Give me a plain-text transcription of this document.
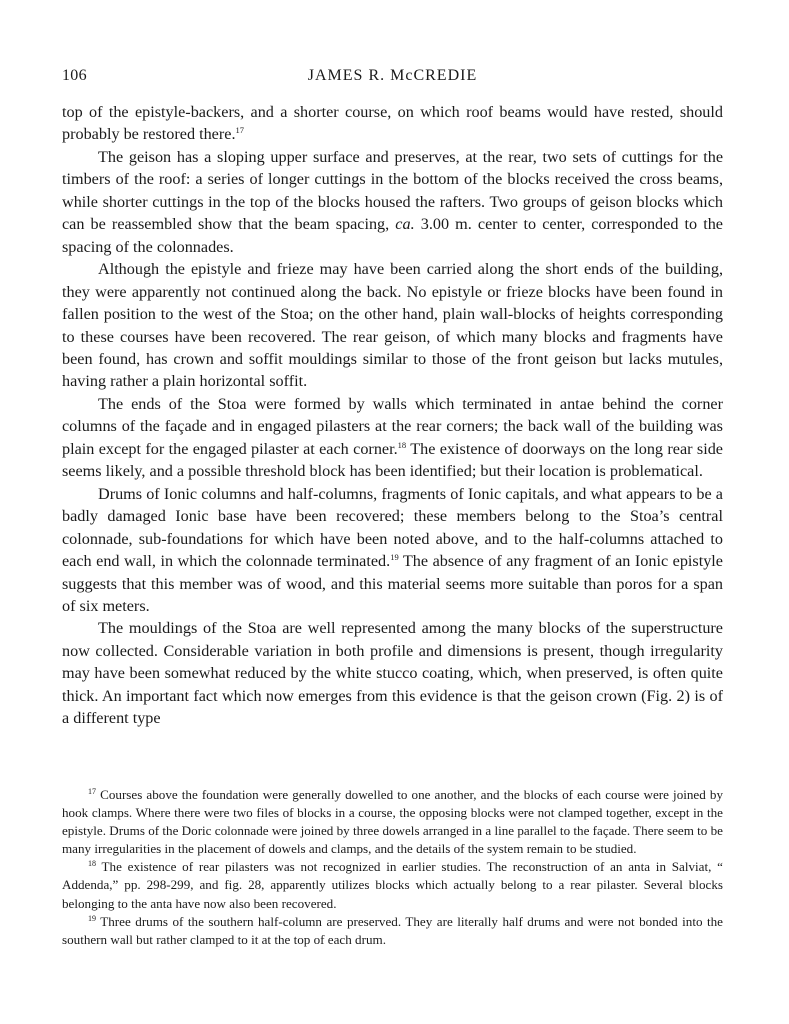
106	JAMES R. McCREDIE

top of the epistyle-backers, and a shorter course, on which roof beams would have rested, should probably be restored there.$^{17}$

The geison has a sloping upper surface and preserves, at the rear, two sets of cuttings for the timbers of the roof: a series of longer cuttings in the bottom of the blocks received the cross beams, while shorter cuttings in the top of the blocks housed the rafters. Two groups of geison blocks which can be reassembled show that the beam spacing, ca. 3.00 m. center to center, corresponded to the spacing of the colonnades.

Although the epistyle and frieze may have been carried along the short ends of the building, they were apparently not continued along the back. No epistyle or frieze blocks have been found in fallen position to the west of the Stoa; on the other hand, plain wall-blocks of heights corresponding to these courses have been recovered. The rear geison, of which many blocks and fragments have been found, has crown and soffit mouldings similar to those of the front geison but lacks mutules, having rather a plain horizontal soffit.

The ends of the Stoa were formed by walls which terminated in antae behind the corner columns of the façade and in engaged pilasters at the rear corners; the back wall of the building was plain except for the engaged pilaster at each corner.$^{18}$ The existence of doorways on the long rear side seems likely, and a possible threshold block has been identified; but their location is problematical.

Drums of Ionic columns and half-columns, fragments of Ionic capitals, and what appears to be a badly damaged Ionic base have been recovered; these members belong to the Stoa’s central colonnade, sub-foundations for which have been noted above, and to the half-columns attached to each end wall, in which the colonnade terminated.$^{19}$ The absence of any fragment of an Ionic epistyle suggests that this member was of wood, and this material seems more suitable than poros for a span of six meters.

The mouldings of the Stoa are well represented among the many blocks of the superstructure now collected. Considerable variation in both profile and dimensions is present, though irregularity may have been somewhat reduced by the white stucco coating, which, when preserved, is often quite thick. An important fact which now emerges from this evidence is that the geison crown (Fig. 2) is of a different type

$^{17}$ Courses above the foundation were generally dowelled to one another, and the blocks of each course were joined by hook clamps. Where there were two files of blocks in a course, the opposing blocks were not clamped together, except in the epistyle. Drums of the Doric colonnade were joined by three dowels arranged in a line parallel to the façade. There seem to be many irregularities in the placement of dowels and clamps, and the details of the system remain to be studied.

$^{18}$ The existence of rear pilasters was not recognized in earlier studies. The reconstruction of an anta in Salviat, “ Addenda,” pp. 298-299, and fig. 28, apparently utilizes blocks which actually belong to a rear pilaster. Several blocks belonging to the anta have now also been recovered.

$^{19}$ Three drums of the southern half-column are preserved. They are literally half drums and were not bonded into the southern wall but rather clamped to it at the top of each drum.
